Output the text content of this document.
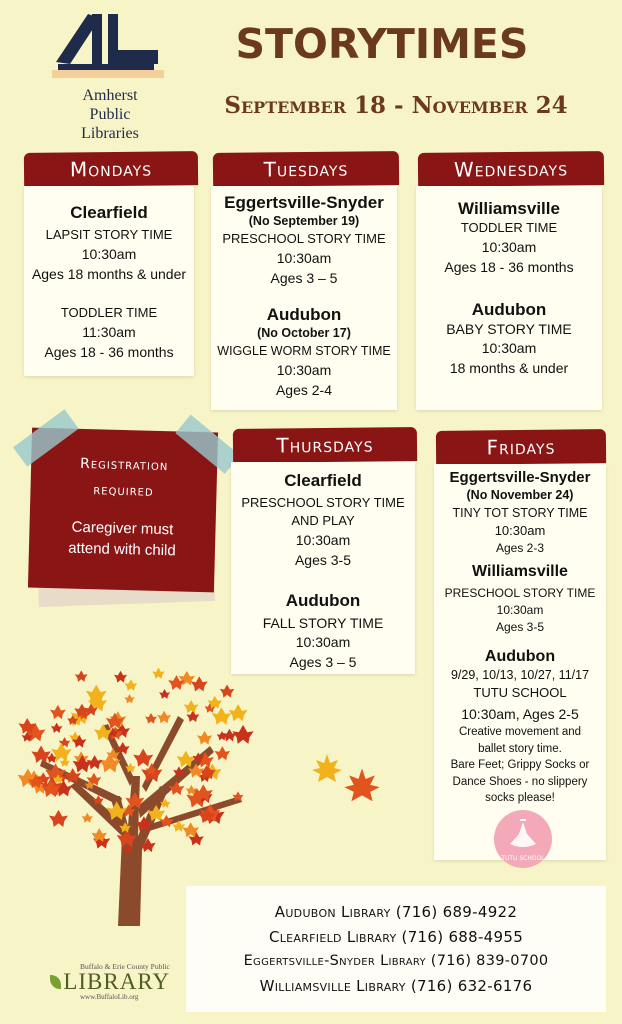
Amherst
Public
Libraries
STORYTIMES
September 18 - November 24
Mondays
Clearfield
LAPSIT STORY TIME
10:30am
Ages 18 months & under
TODDLER TIME
11:30am
Ages 18 - 36 months
Tuesdays
Eggertsville-Snyder
(No September 19)
PRESCHOOL STORY TIME
10:30am
Ages 3 – 5
Audubon
(No October 17)
WIGGLE WORM STORY TIME
10:30am
Ages 2-4
Wednesdays
Williamsville
TODDLER TIME
10:30am
Ages 18 - 36 months
Audubon
BABY STORY TIME
10:30am
18 months & under
Registration
required
Caregiver must
attend with child
Thursdays
Clearfield
PRESCHOOL STORY TIME
AND PLAY
10:30am
Ages 3-5
Audubon
FALL STORY TIME
10:30am
Ages 3 – 5
Fridays
Eggertsville-Snyder
(No November 24)
TINY TOT STORY TIME
10:30am
Ages 2-3
Williamsville
PRESCHOOL STORY TIME
10:30am
Ages 3-5
Audubon
9/29, 10/13, 10/27, 11/17
TUTU SCHOOL
10:30am, Ages 2-5
Creative movement and
ballet story time.
Bare Feet; Grippy Socks or
Dance Shoes - no slippery
socks please!
TUTU SCHOOL
Audubon Library (716) 689-4922
Clearfield Library (716) 688-4955
Eggertsville-Snyder Library (716) 839-0700
Williamsville Library (716) 632-6176
Buffalo & Erie County Public
LIBRARY
www.BuffaloLib.org
